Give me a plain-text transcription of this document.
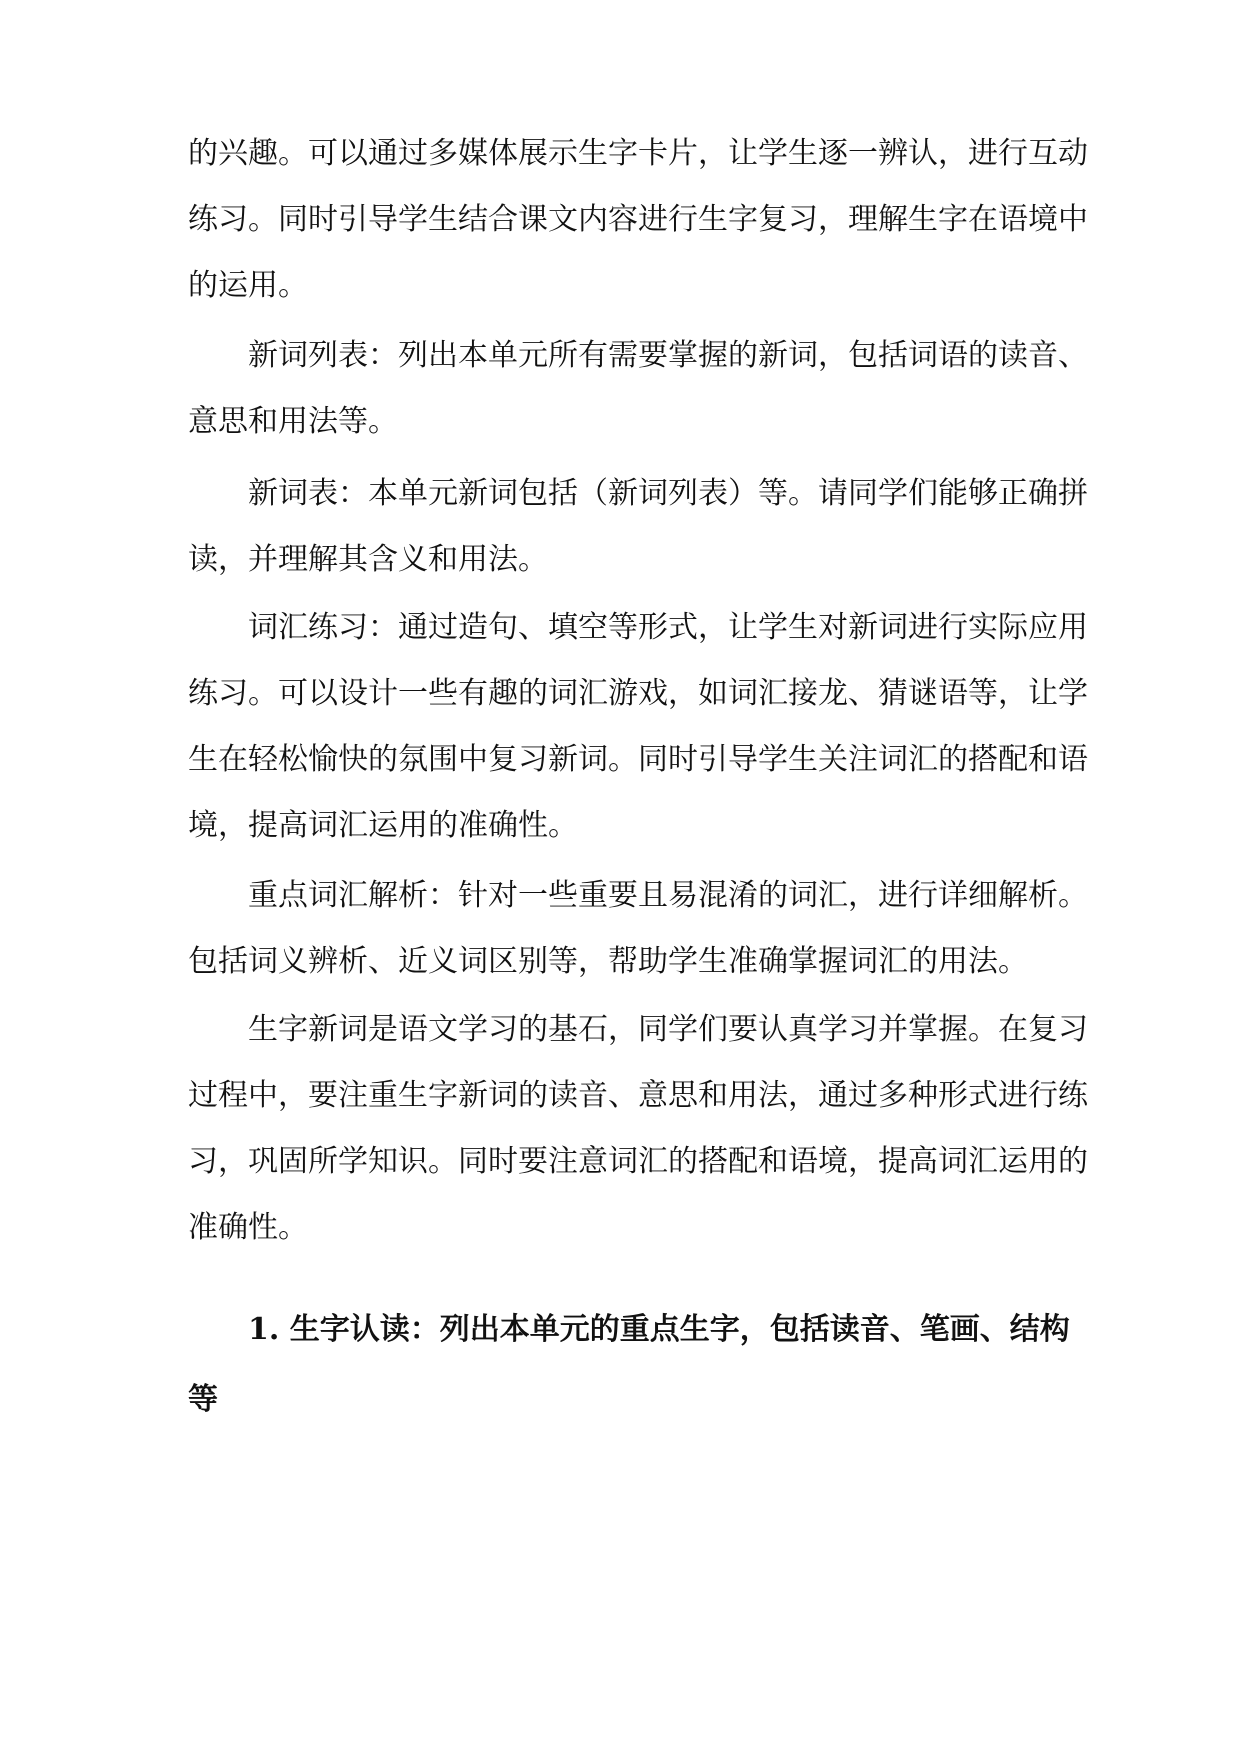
的兴趣。可以通过多媒体展示生字卡片，让学生逐一辨认，进行互动
练习。同时引导学生结合课文内容进行生字复习，理解生字在语境中
的运用。
新词列表：列出本单元所有需要掌握的新词，包括词语的读音、
意思和用法等。
新词表：本单元新词包括（新词列表）等。请同学们能够正确拼
读，并理解其含义和用法。
词汇练习：通过造句、填空等形式，让学生对新词进行实际应用
练习。可以设计一些有趣的词汇游戏，如词汇接龙、猜谜语等，让学
生在轻松愉快的氛围中复习新词。同时引导学生关注词汇的搭配和语
境，提高词汇运用的准确性。
重点词汇解析：针对一些重要且易混淆的词汇，进行详细解析。
包括词义辨析、近义词区别等，帮助学生准确掌握词汇的用法。
生字新词是语文学习的基石，同学们要认真学习并掌握。在复习
过程中，要注重生字新词的读音、意思和用法，通过多种形式进行练
习，巩固所学知识。同时要注意词汇的搭配和语境，提高词汇运用的
准确性。
1. 生字认读：列出本单元的重点生字，包括读音、笔画、结构
等
